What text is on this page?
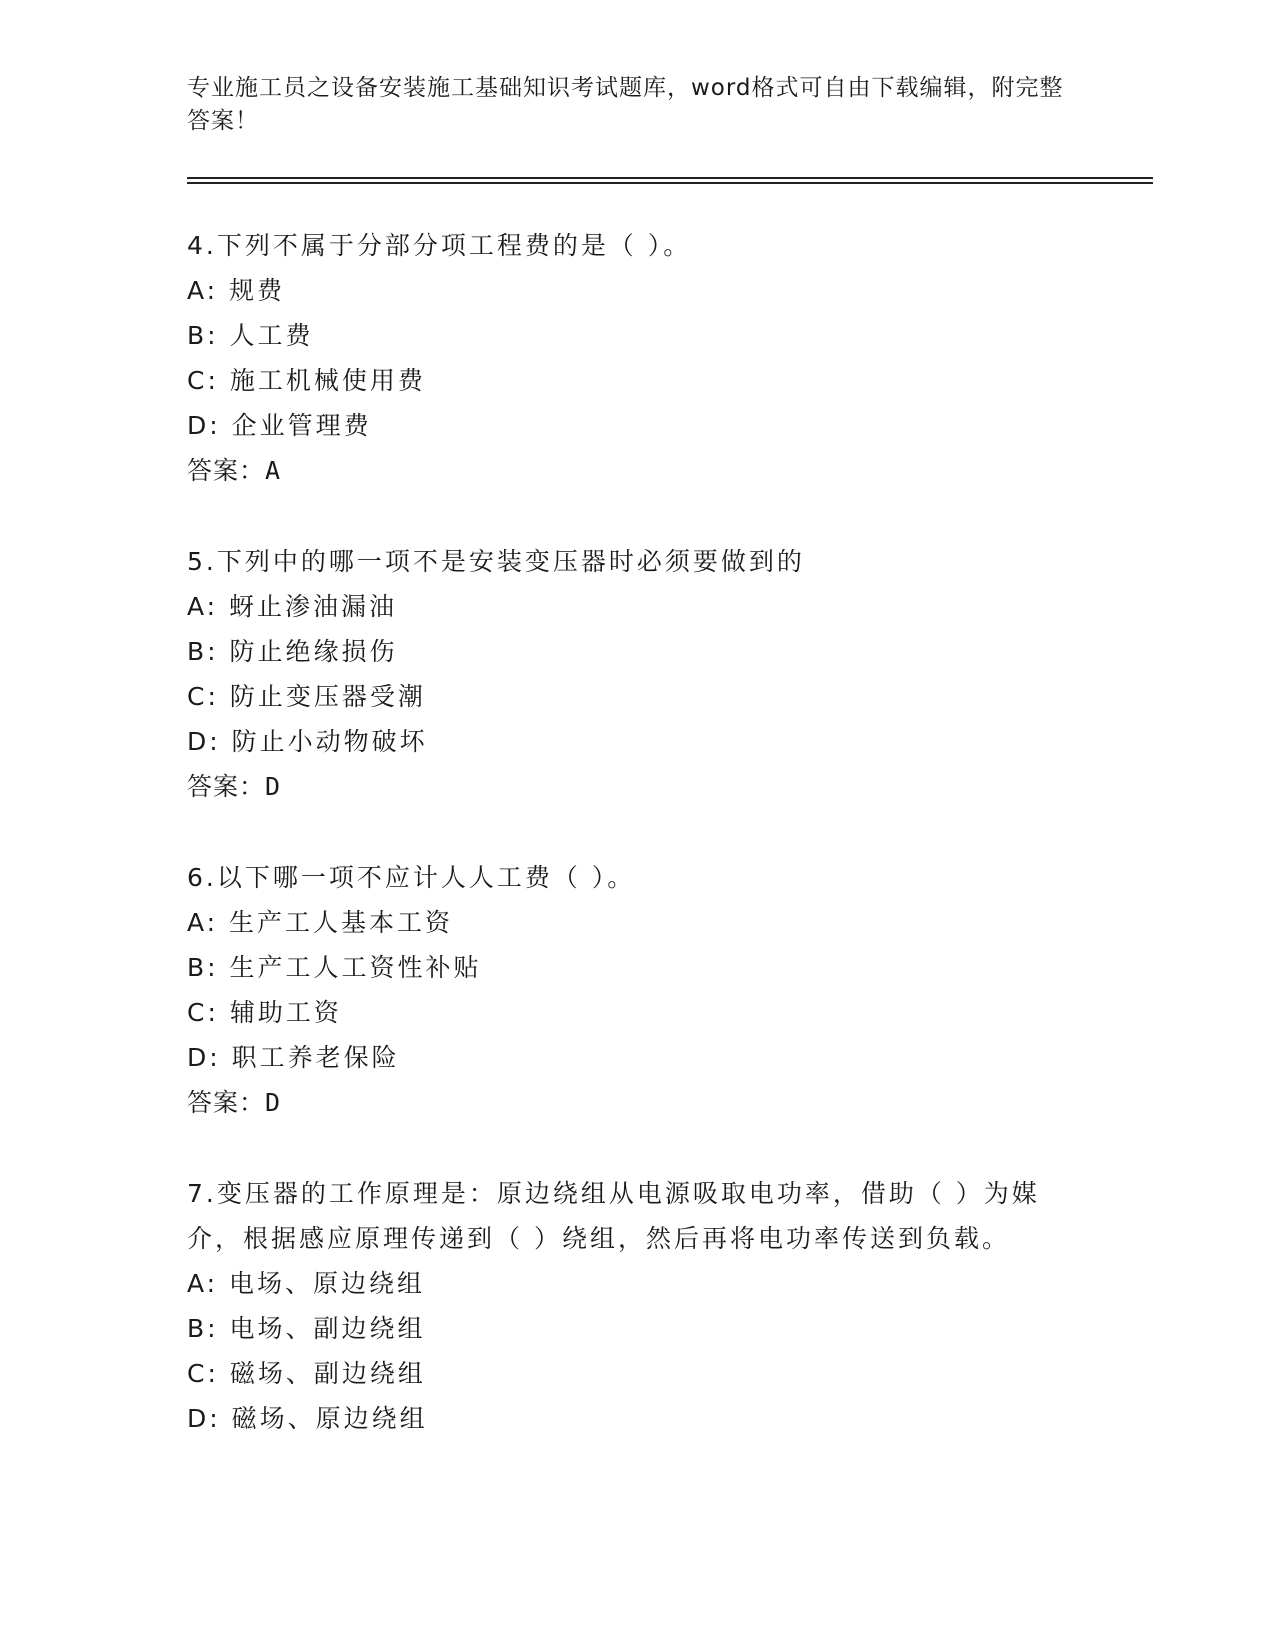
专业施工员之设备安装施工基础知识考试题库，word格式可自由下载编辑，附完整答案！
4.下列不属于分部分项工程费的是（ ）。
A: 规费
B: 人工费
C: 施工机械使用费
D: 企业管理费
答案：A
5.下列中的哪一项不是安装变压器时必须要做到的
A: 蚜止渗油漏油
B: 防止绝缘损伤
C: 防止变压器受潮
D: 防止小动物破坏
答案：D
6.以下哪一项不应计人人工费（ ）。
A: 生产工人基本工资
B: 生产工人工资性补贴
C: 辅助工资
D: 职工养老保险
答案：D
7.变压器的工作原理是：原边绕组从电源吸取电功率，借助（ ）为媒介，根据感应原理传递到（ ）绕组，然后再将电功率传送到负载。
A: 电场、原边绕组
B: 电场、副边绕组
C: 磁场、副边绕组
D: 磁场、原边绕组
